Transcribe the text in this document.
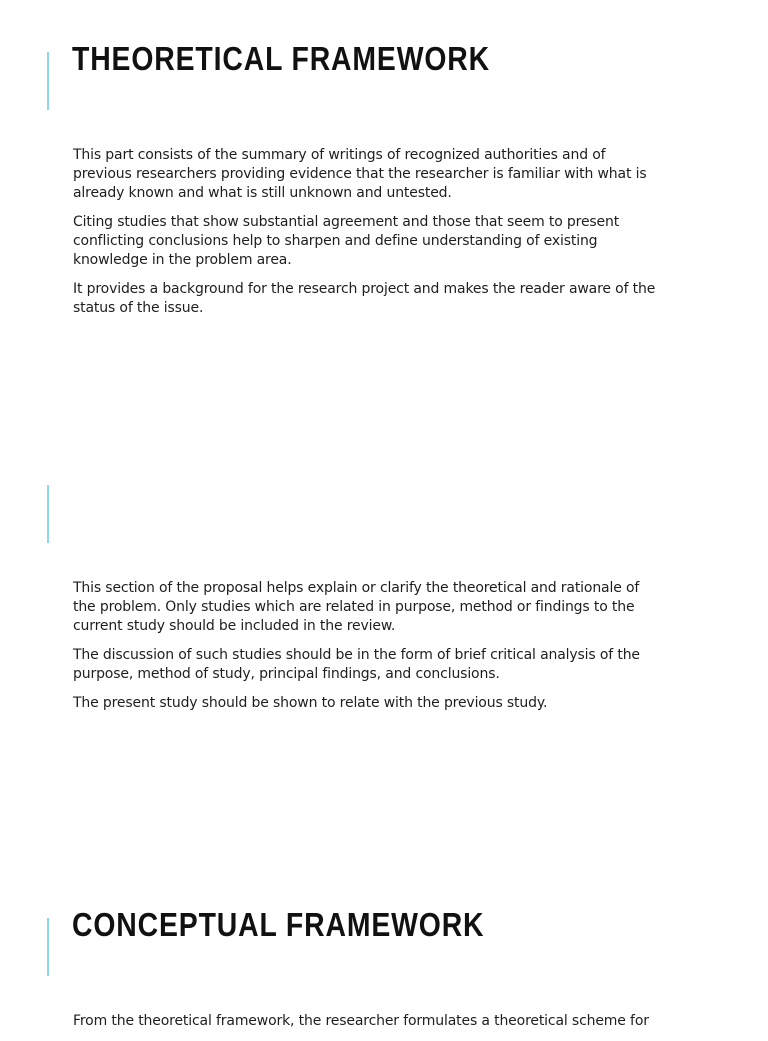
THEORETICAL FRAMEWORK

This part consists of the summary of writings of recognized authorities and of previous researchers providing evidence that the researcher is familiar with what is already known and what is still unknown and untested.

Citing studies that show substantial agreement and those that seem to present conflicting conclusions help to sharpen and define understanding of existing knowledge in the problem area.

It provides a background for the research project and makes the reader aware of the status of the issue.

This section of the proposal helps explain or clarify the theoretical and rationale of the problem. Only studies which are related in purpose, method or findings to the current study should be included in the review.

The discussion of such studies should be in the form of brief critical analysis of the purpose, method of study, principal findings, and conclusions.

The present study should be shown to relate with the previous study.

CONCEPTUAL FRAMEWORK

From the theoretical framework, the researcher formulates a theoretical scheme for
